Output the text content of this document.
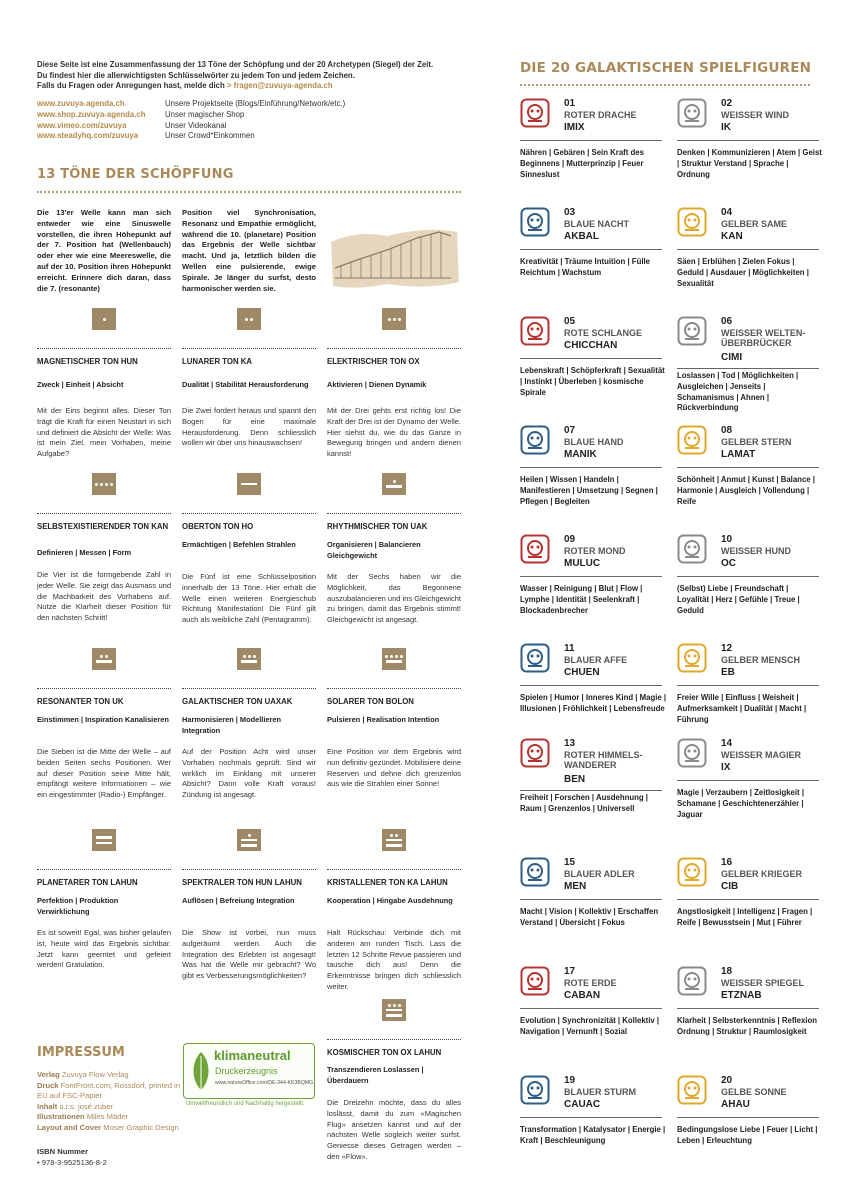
Diese Seite ist eine Zusammenfassung der 13 Töne der Schöpfung und der 20 Archetypen (Siegel) der Zeit.
Du findest hier die allerwichtigsten Schlüsselwörter zu jedem Ton und jedem Zeichen.
Falls du Fragen oder Anregungen hast, melde dich > fragen@zuvuya-agenda.ch
www.zuvuya-agenda.ch	Unsere Projektseite (Blogs/Einführung/Network/etc.)
www.shop.zuvuya-agenda.ch	Unser magischer Shop
www.vimeo.com/zuvuya	Unser Videokanal
www.steadyhq.com/zuvuya	Unser Crowd*Einkommen
13 TÖNE DER SCHÖPFUNG
Die 13'er Welle kann man sich entweder wie eine Sinuswelle vorstellen, die ihren Höhepunkt auf der 7. Position hat (Wellenbauch) oder eher wie eine Meereswelle, die auf der 10. Position ihren Höhepunkt erreicht. Erinnere dich daran, dass die 7. (resonante)
Position viel Synchronisation, Resonanz und Empathie ermöglicht, während die 10. (planetare) Position das Ergebnis der Welle sichtbar macht. Und ja, letztlich bilden die Wellen eine pulsierende, ewige Spirale. Je länger du surfst, desto harmonischer werden sie.
MAGNETISCHER TON HUN
Zweck | Einheit | Absicht
Mit der Eins beginnt alles. Dieser Ton trägt die Kraft für einen Neustart in sich und definiert die Absicht der Welle: Was ist mein Ziel, mein Vorhaben, meine Aufgabe?
LUNARER TON KA
Dualität | Stabilität Herausforderung
Die Zwei fordert heraus und spannt den Bogen für eine maximale Herausforderung. Denn schliesslich wollen wir über uns hinauswachsen!
ELEKTRISCHER TON OX
Aktivieren | Dienen Dynamik
Mit der Drei gehts erst richtig los! Die Kraft der Drei ist der Dynamo der Welle. Hier siehst du, wie du das Ganze in Bewegung bringen und andern dienen kannst!
SELBSTEXISTIERENDER TON KAN
Definieren | Messen | Form
Die Vier ist die formgebende Zahl in jeder Welle. Sie zeigt das Ausmass und die Machbarkeit des Vorhabens auf. Nutze die Klarheit dieser Position für den nächsten Schritt!
OBERTON TON HO
Ermächtigen | Befehlen Strahlen
Die Fünf ist eine Schlüsselposition innerhalb der 13 Töne. Hier erhält die Welle einen weiteren Energieschub Richtung Manifestation! Die Fünf gilt auch als weibliche Zahl (Pentagramm).
RHYTHMISCHER TON UAK
Organisieren | Balancieren Gleichgewicht
Mit der Sechs haben wir die Möglichkeit, das Begonnene auszubalancieren und ins Gleichgewicht zu bringen, damit das Ergebnis stimmt! Gleichgewicht ist angesagt.
RESONANTER TON UK
Einstimmen | Inspiration Kanalisieren
Die Sieben ist die Mitte der Welle – auf beiden Seiten sechs Positionen. Wer auf dieser Position seine Mitte hält, empfängt weitere Informationen – wie ein eingestimmter (Radio-) Empfänger.
GALAKTISCHER TON UAXAK
Harmonisieren | Modellieren Integration
Auf der Position Acht wird unser Vorhaben nochmals geprüft. Sind wir wirklich im Einklang mit unserer Absicht? Dann volle Kraft voraus! Zündung ist angesagt.
SOLARER TON BOLON
Pulsieren | Realisation Intention
Eine Position vor dem Ergebnis wird nun definitiv gezündet. Mobilisiere deine Reserven und dehne dich grenzenlos aus wie die Strahlen einer Sonne!
PLANETARER TON LAHUN
Perfektion | Produktion Verwirklichung
Es ist soweit! Egal, was bisher gelaufen ist, heute wird das Ergebnis sichtbar. Jetzt kann geerntet und gefeiert werden! Gratulation.
SPEKTRALER TON HUN LAHUN
Auflösen | Befreiung Integration
Die Show ist vorbei, nun muss aufgeräumt werden. Auch die Integration des Erlebten ist angesagt! Was hat die Welle mir gebracht? Wo gibt es Verbesserungsmöglichkeiten?
KRISTALLENER TON KA LAHUN
Kooperation | Hingabe Ausdehnung
Halt Rückschau: Verbinde dich mit anderen am runden Tisch. Lass die letzten 12 Schritte Revue passieren und tausche dich aus! Denn die Erkenntnisse bringen dich schliesslich weiter.
KOSMISCHER TON OX LAHUN
Transzendieren Loslassen | Überdauern
Die Dreizehn möchte, dass du alles loslässt, damit du zum «Magischen Flug» ansetzen kannst und auf der nächsten Welle sogleich weiter surfst. Geniesse dieses Getragen werden – den «Flow».
IMPRESSUM
Verlag Zuvuya Flow Verlag
Druck FontFront.com, Rossdorf, printed in EU auf FSC-Papier
Inhalt u.r.s. josé zuber
Illustrationen Miles Mäder
Layout and Cover Moser Graphic Design
ISBN Nummer
• 978-3-9525136-8-2
klimaneutral
Druckerzeugnis
www.natureOffice.com/DE-344-KK3BQMG
Umweltfreundlich und Nachhaltig hergestellt.
DIE 20 GALAKTISCHEN SPIELFIGUREN
01
ROTER DRACHE
IMIX
Nähren | Gebären | Sein Kraft des Beginnens | Mutterprinzip | Feuer Sinneslust
02
WEISSER WIND
IK
Denken | Kommunizieren | Atem | Geist | Struktur Verstand | Sprache | Ordnung
03
BLAUE NACHT
AKBAL
Kreativität | Träume Intuition | Fülle Reichtum | Wachstum
04
GELBER SAME
KAN
Säen | Erblühen | Zielen Fokus | Geduld | Ausdauer | Möglichkeiten | Sexualität
05
ROTE SCHLANGE
CHICCHAN
Lebenskraft | Schöpferkraft | Sexualität | Instinkt | Überleben | kosmische Spirale
06
WEISSER WELTEN-ÜBERBRÜCKER
CIMI
Loslassen | Tod | Möglichkeiten | Ausgleichen | Jenseits | Schamanismus | Ahnen | Rückverbindung
07
BLAUE HAND
MANIK
Heilen | Wissen | Handeln | Manifestieren | Umsetzung | Segnen | Pflegen | Begleiten
08
GELBER STERN
LAMAT
Schönheit | Anmut | Kunst | Balance | Harmonie | Ausgleich | Vollendung | Reife
09
ROTER MOND
MULUC
Wasser | Reinigung | Blut | Flow | Lymphe | Identität | Seelenkraft | Blockadenbrecher
10
WEISSER HUND
OC
(Selbst) Liebe | Freundschaft | Loyalität | Herz | Gefühle | Treue | Geduld
11
BLAUER AFFE
CHUEN
Spielen | Humor | Inneres Kind | Magie | Illusionen | Fröhlichkeit | Lebensfreude
12
GELBER MENSCH
EB
Freier Wille | Einfluss | Weisheit | Aufmerksamkeit | Dualität | Macht | Führung
13
ROTER HIMMELS-WANDERER
BEN
Freiheit | Forschen | Ausdehnung | Raum | Grenzenlos | Universell
14
WEISSER MAGIER
IX
Magie | Verzaubern | Zeitlosigkeit | Schamane | Geschichtenerzähler | Jaguar
15
BLAUER ADLER
MEN
Macht | Vision | Kollektiv | Erschaffen Verstand | Übersicht | Fokus
16
GELBER KRIEGER
CIB
Angstlosigkeit | Intelligenz | Fragen | Reife | Bewusstsein | Mut | Führer
17
ROTE ERDE
CABAN
Evolution | Synchronizität | Kollektiv | Navigation | Vernunft | Sozial
18
WEISSER SPIEGEL
ETZNAB
Klarheit | Selbsterkenntnis | Reflexion Ordnung | Struktur | Raumlosigkeit
19
BLAUER STURM
CAUAC
Transformation | Katalysator | Energie | Kraft | Beschleunigung
20
GELBE SONNE
AHAU
Bedingungslose Liebe | Feuer | Licht | Leben | Erleuchtung
